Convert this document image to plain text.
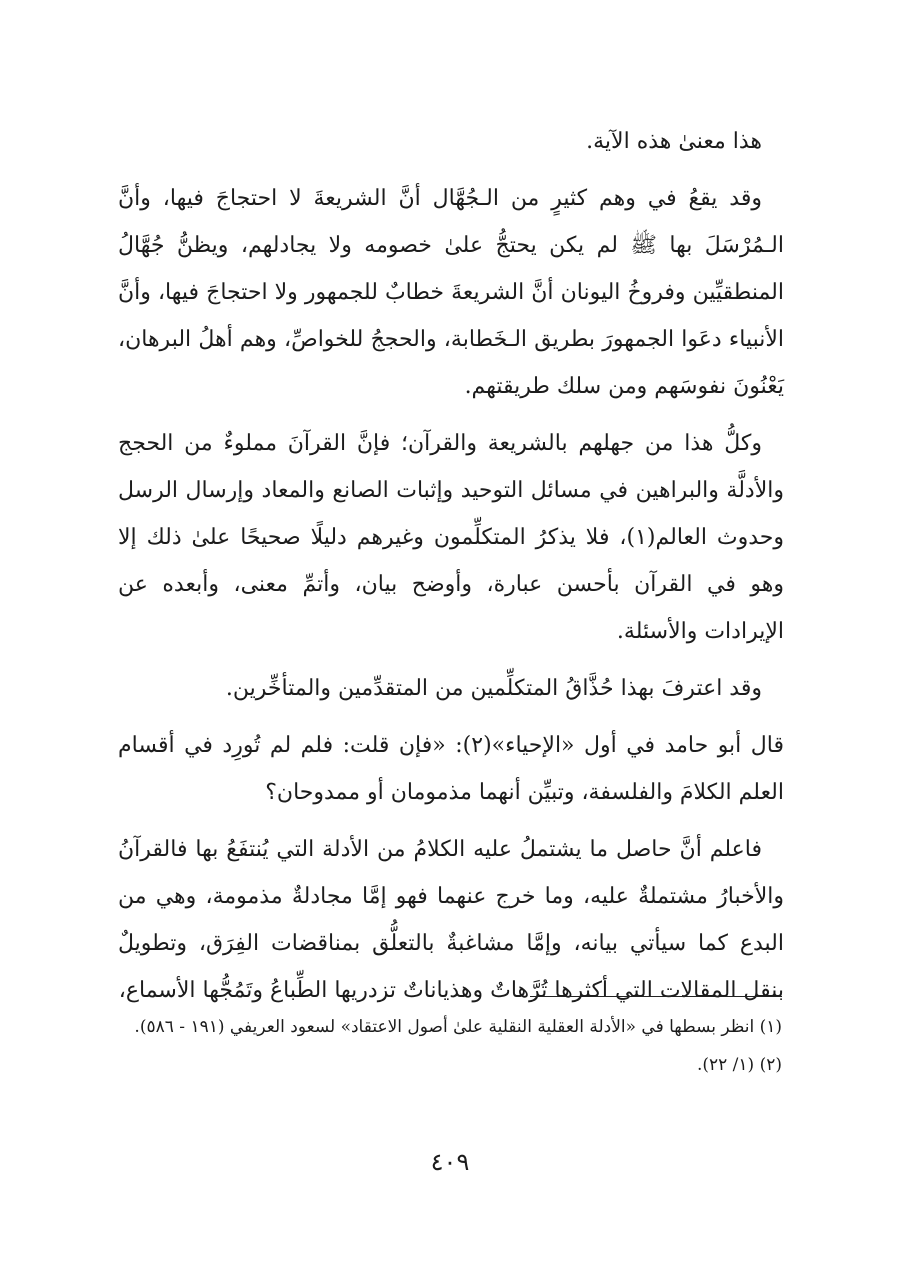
هذا معنىٰ هذه الآية.

وقد يقعُ في وهم كثيرٍ من الـجُهَّال أنَّ الشريعةَ لا احتجاجَ فيها، وأنَّ الـمُرْسَلَ بها ﷺ لم يكن يحتجُّ علىٰ خصومه ولا يجادلهم، ويظنُّ جُهَّالُ المنطقيِّين وفروخُ اليونان أنَّ الشريعةَ خطابٌ للجمهور ولا احتجاجَ فيها، وأنَّ الأنبياء دعَوا الجمهورَ بطريق الـخَطابة، والحججُ للخواصِّ، وهم أهلُ البرهان، يَعْنُونَ نفوسَهم ومن سلك طريقتهم.

وكلُّ هذا من جهلهم بالشريعة والقرآن؛ فإنَّ القرآنَ مملوءٌ من الحجج والأدلَّة والبراهين في مسائل التوحيد وإثبات الصانع والمعاد وإرسال الرسل وحدوث العالم(١)، فلا يذكرُ المتكلِّمون وغيرهم دليلًا صحيحًا علىٰ ذلك إلا وهو في القرآن بأحسن عبارة، وأوضح بيان، وأتمِّ معنى، وأبعده عن الإيرادات والأسئلة.

وقد اعترفَ بهذا حُذَّاقُ المتكلِّمين من المتقدِّمين والمتأخِّرين.

قال أبو حامد في أول «الإحياء»(٢): «فإن قلت: فلم لم تُورِد في أقسام العلم الكلامَ والفلسفة، وتبيِّن أنهما مذمومان أو ممدوحان؟

فاعلم أنَّ حاصل ما يشتملُ عليه الكلامُ من الأدلة التي يُنتفَعُ بها فالقرآنُ والأخبارُ مشتملةٌ عليه، وما خرج عنهما فهو إمَّا مجادلةٌ مذمومة، وهي من البدع كما سيأتي بيانه، وإمَّا مشاغبةٌ بالتعلُّق بمناقضات الفِرَق، وتطويلٌ بنقل المقالات التي أكثرها تُرَّهاتٌ وهذياناتٌ تزدريها الطِّباعُ وتَمُجُّها الأسماع،

(١) انظر بسطها في «الأدلة العقلية النقلية علىٰ أصول الاعتقاد» لسعود العريفي (١٩١ - ٥٨٦).

(٢) (١/ ٢٢).

٤٠٩
